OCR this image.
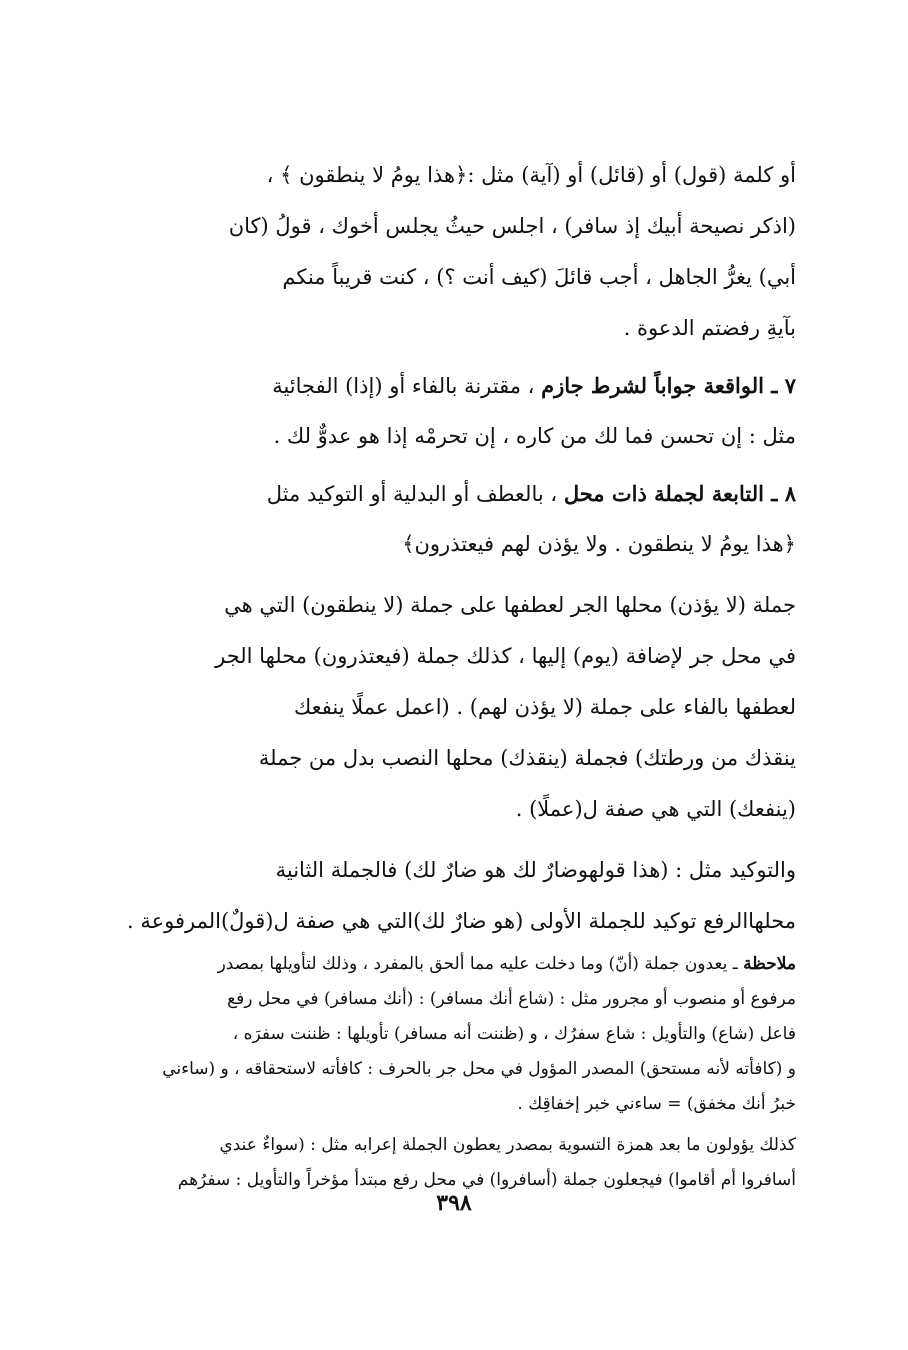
أو كلمة (قول) أو (قائل) أو (آية) مثل :﴿هذا يومُ لا ينطقون ﴾ ،
(اذكر نصيحة أبيك إذ سافر) ، اجلس حيثُ يجلس أخوك ، قولُ (كان
أبي) يغرُّ الجاهل ، أجب قائلَ (كيف أنت ؟) ، كنت قريباً منكم
بآيةِ رفضتم الدعوة .
٧ ـ الواقعة جواباً لشرط جازم ، مقترنة بالفاء أو (إذا) الفجائية
مثل : إن تحسن فما لك من كاره ، إن تحرمْه إذا هو عدوٌّ لك .
٨ ـ التابعة لجملة ذات محل ، بالعطف أو البدلية أو التوكيد مثل
﴿هذا يومُ لا ينطقون . ولا يؤذن لهم فيعتذرون﴾
جملة (لا يؤذن) محلها الجر لعطفها على جملة (لا ينطقون) التي هي
في محل جر لإضافة (يوم) إليها ، كذلك جملة (فيعتذرون) محلها الجر
لعطفها بالفاء على جملة (لا يؤذن لهم) . (اعمل عملًا ينفعك
ينقذك من ورطتك) فجملة (ينقذك) محلها النصب بدل من جملة
(ينفعك) التي هي صفة ل(عملًا) .
والتوكيد مثل : (هذا قولهوضارٌ لك هو ضارٌ لك) فالجملة الثانية
محلهاالرفع توكيد للجملة الأولى (هو ضارٌ لك)التي هي صفة ل(قولٌ)المرفوعة .
ملاحظة ـ يعدون جملة (أنّ) وما دخلت عليه مما ألحق بالمفرد ، وذلك لتأويلها بمصدر
مرفوع أو منصوب أو مجرور مثل : (شاع أنك مسافر) : (أنك مسافر) في محل رفع
فاعل (شاع) والتأويل : شاع سفرُك ، و (ظننت أنه مسافر) تأويلها : ظننت سفرَه ،
و (كافأته لأنه مستحق) المصدر المؤول في محل جر بالحرف : كافأته لاستحقاقه ، و (ساءني
خبرُ أنك مخفق) = ساءني خبر إخفاقِك .
كذلك يؤولون ما بعد همزة التسوية بمصدر يعطون الجملة إعرابه مثل : (سواءٌ عندي
أسافروا أم أقاموا) فيجعلون جملة (أسافروا) في محل رفع مبتدأ مؤخراً والتأويل : سفرُهم
٣٩٨
